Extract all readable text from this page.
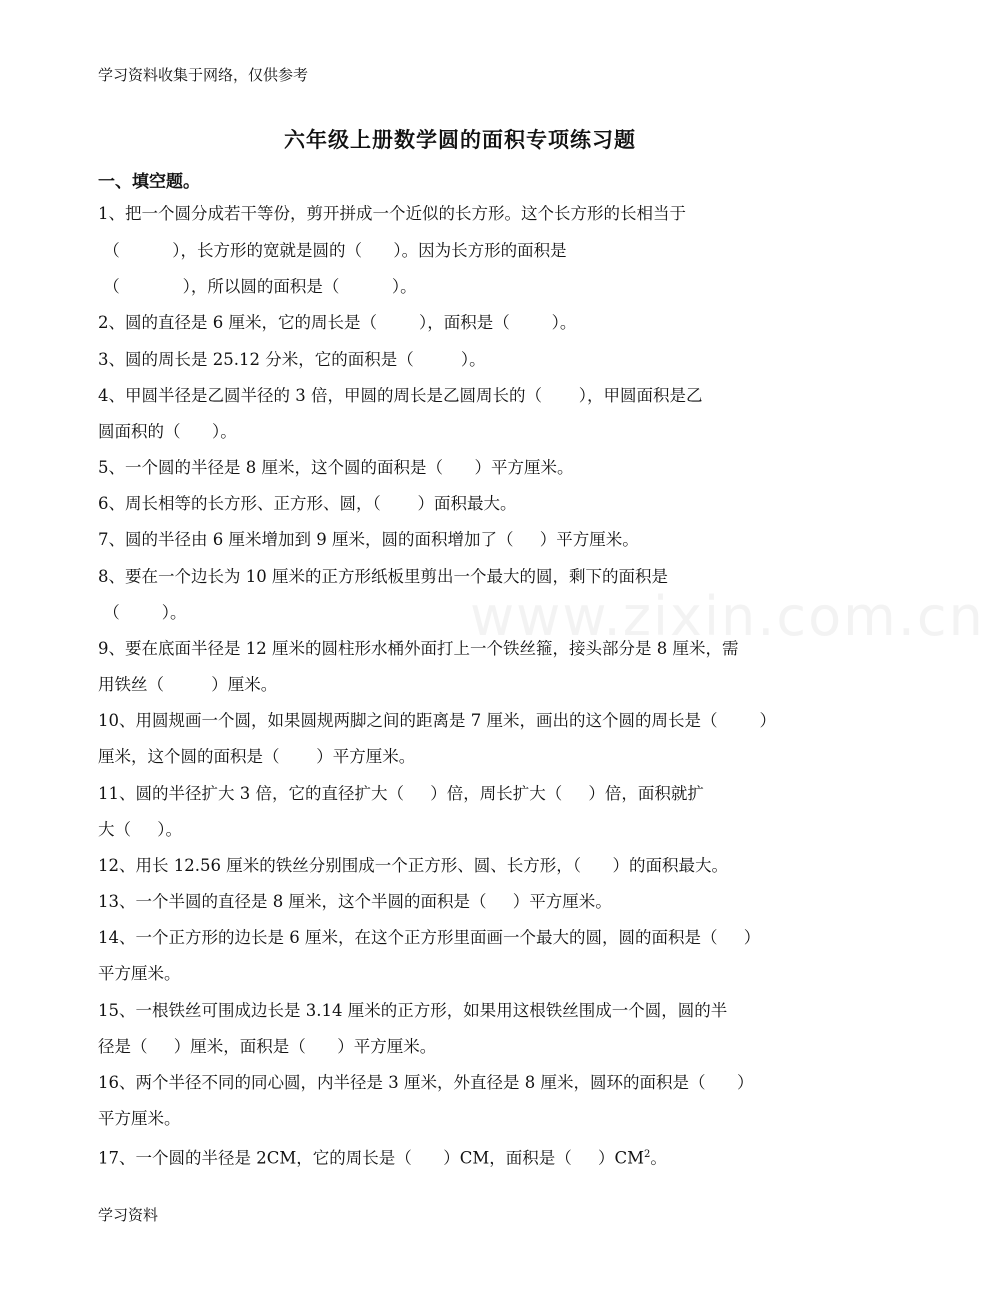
学习资料收集于网络，仅供参考
六年级上册数学圆的面积专项练习题
一、填空题。
www.zixin.com.cn
1、把一个圆分成若干等份，剪开拼成一个近似的长方形。这个长方形的长相当于
（          ），长方形的宽就是圆的（      ）。因为长方形的面积是
（            ），所以圆的面积是（          ）。
2、圆的直径是 6 厘米，它的周长是（        ），面积是（        ）。
3、圆的周长是 25.12 分米，它的面积是（         ）。
4、甲圆半径是乙圆半径的 3 倍，甲圆的周长是乙圆周长的（       ），甲圆面积是乙
圆面积的（      ）。
5、一个圆的半径是 8 厘米，这个圆的面积是（      ）平方厘米。
6、周长相等的长方形、正方形、圆，（       ）面积最大。
7、圆的半径由 6 厘米增加到 9 厘米，圆的面积增加了（     ）平方厘米。
8、要在一个边长为 10 厘米的正方形纸板里剪出一个最大的圆，剩下的面积是
（        ）。
9、要在底面半径是 12 厘米的圆柱形水桶外面打上一个铁丝箍，接头部分是 8 厘米，需
用铁丝（         ）厘米。
10、用圆规画一个圆，如果圆规两脚之间的距离是 7 厘米，画出的这个圆的周长是（        ）
厘米，这个圆的面积是（       ）平方厘米。
11、圆的半径扩大 3 倍，它的直径扩大（     ）倍，周长扩大（     ）倍，面积就扩
大（     ）。
12、用长 12.56 厘米的铁丝分别围成一个正方形、圆、长方形，（      ）的面积最大。
13、一个半圆的直径是 8 厘米，这个半圆的面积是（     ）平方厘米。
14、一个正方形的边长是 6 厘米，在这个正方形里面画一个最大的圆，圆的面积是（     ）
平方厘米。
15、一根铁丝可围成边长是 3.14 厘米的正方形，如果用这根铁丝围成一个圆，圆的半
径是（     ）厘米，面积是（      ）平方厘米。
16、两个半径不同的同心圆，内半径是 3 厘米，外直径是 8 厘米，圆环的面积是（      ）
平方厘米。
17、一个圆的半径是 2CM，它的周长是（      ）CM，面积是（     ）$CM^2$。
学习资料
